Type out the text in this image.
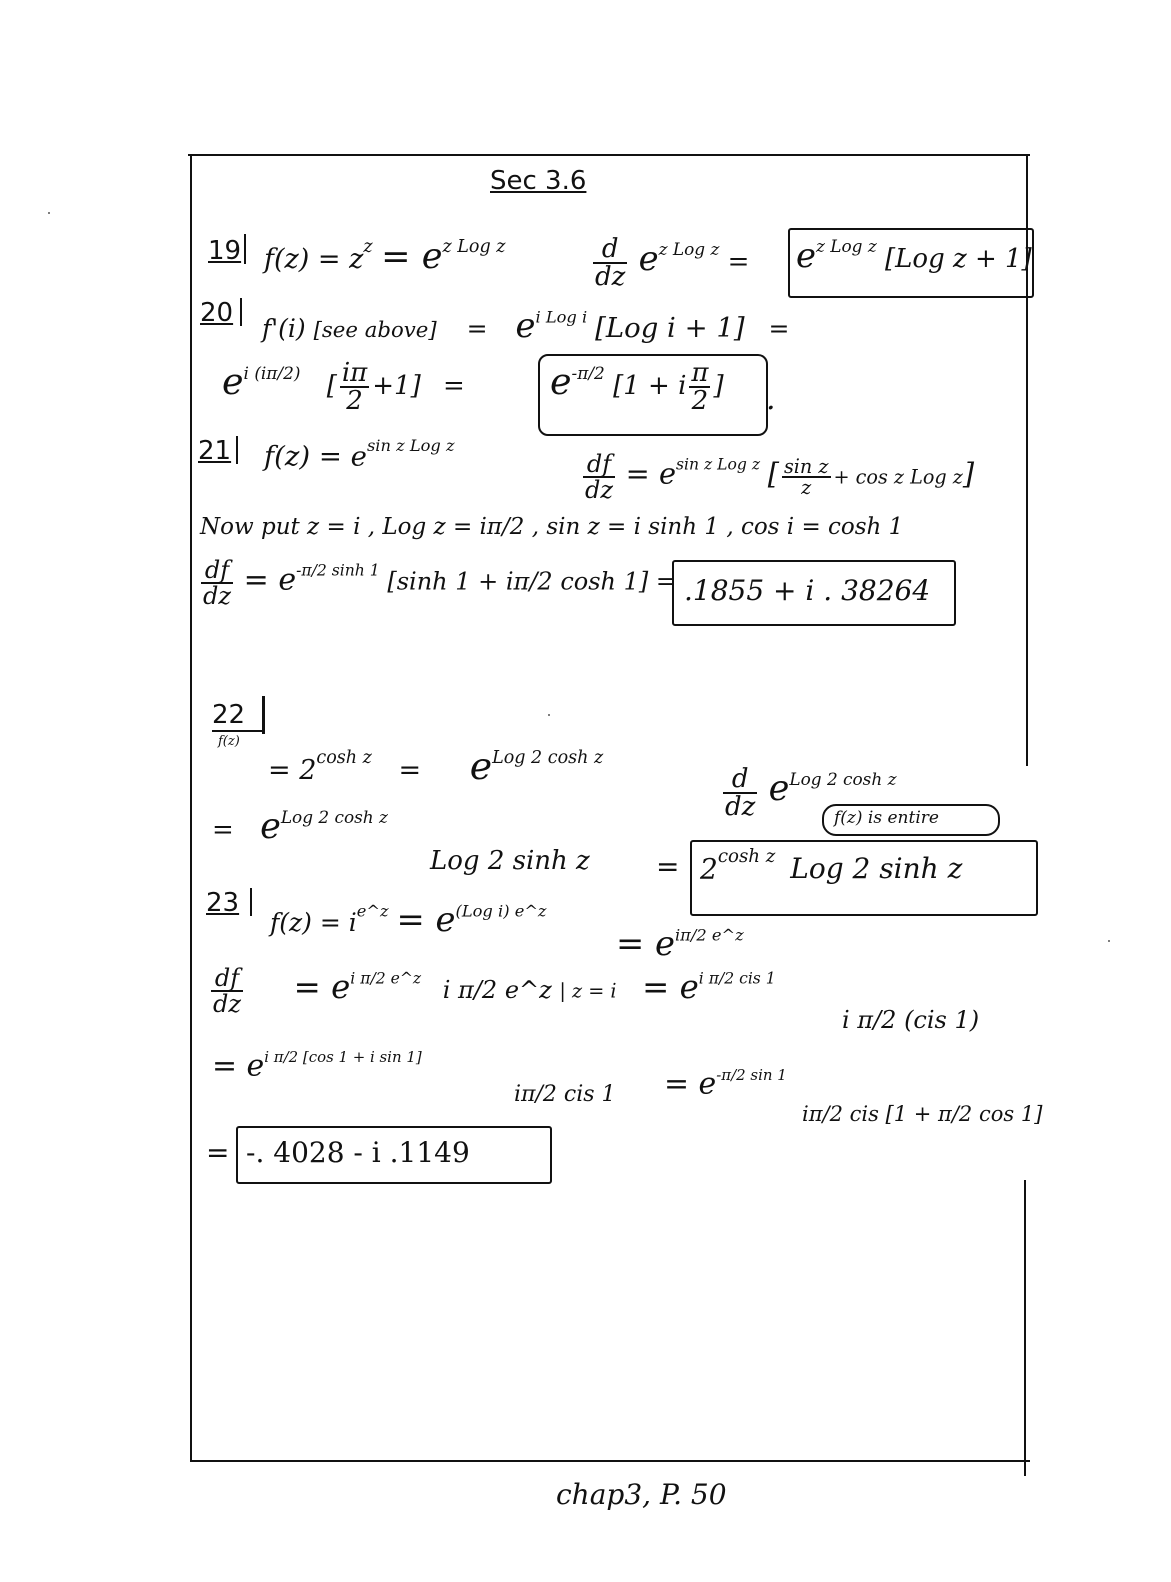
Sec 3.6
19 $f(z) = z^z = e^{z Log z}$	$\frac{d}{dz} e^{z Log z} = e^{z Log z}$ [Log z + 1]
20
f'(i) [see above] = $e^{i Log i}$ [Log i + 1] =
$e^{i (i\pi/2)}$ [ $\frac{i\pi}{2} +1] = e^{-\pi/2}$ [1 + i $\frac{\pi}{2}$ ] .
21 $f(z) = e^{sin z Log z}$
$\frac{df}{dz} = e^{sin z Log z}$ [ $\frac{\text{sin z}}{z} + \cos z$ Log z]
Now put z = i , Log z = iπ/2 , sin z = i sinh 1 , cos i = cosh 1
$\frac{df}{dz} = e^{-\pi/2 sinh 1}$ [sinh 1 + iπ/2 cosh 1] = .1855 + i . 38264
22
f(z)
= $2^{cosh z} = e^{Log 2 cosh z}$
$\frac{d}{dz} e^{Log 2 cosh z}$
f(z) is entire
= $e^{Log 2 cosh z}$
Log 2 $\sinh z = 2^{cosh z}$ Log 2 sinh z
23
$f(z) = i^{e\^{}z} = e^{(Log i) e\^{}z}$
= $e^{i\pi/2 e\^{}z}$
$\frac{df}{dz} = e^{i \pi/2 e\^{}z}$ i π/2 e^z | $z = i = e^{i \pi/2 cis 1}$
i π/2 (cis 1)
= $e^{i \pi/2 [cos 1 + i sin 1]}$
iπ/2 cis $1 = e^{-\pi/2 sin 1}$
iπ/2 cis [1 + π/2 cos 1]
= -. 4028 - i .1149
chap3, P. 50
